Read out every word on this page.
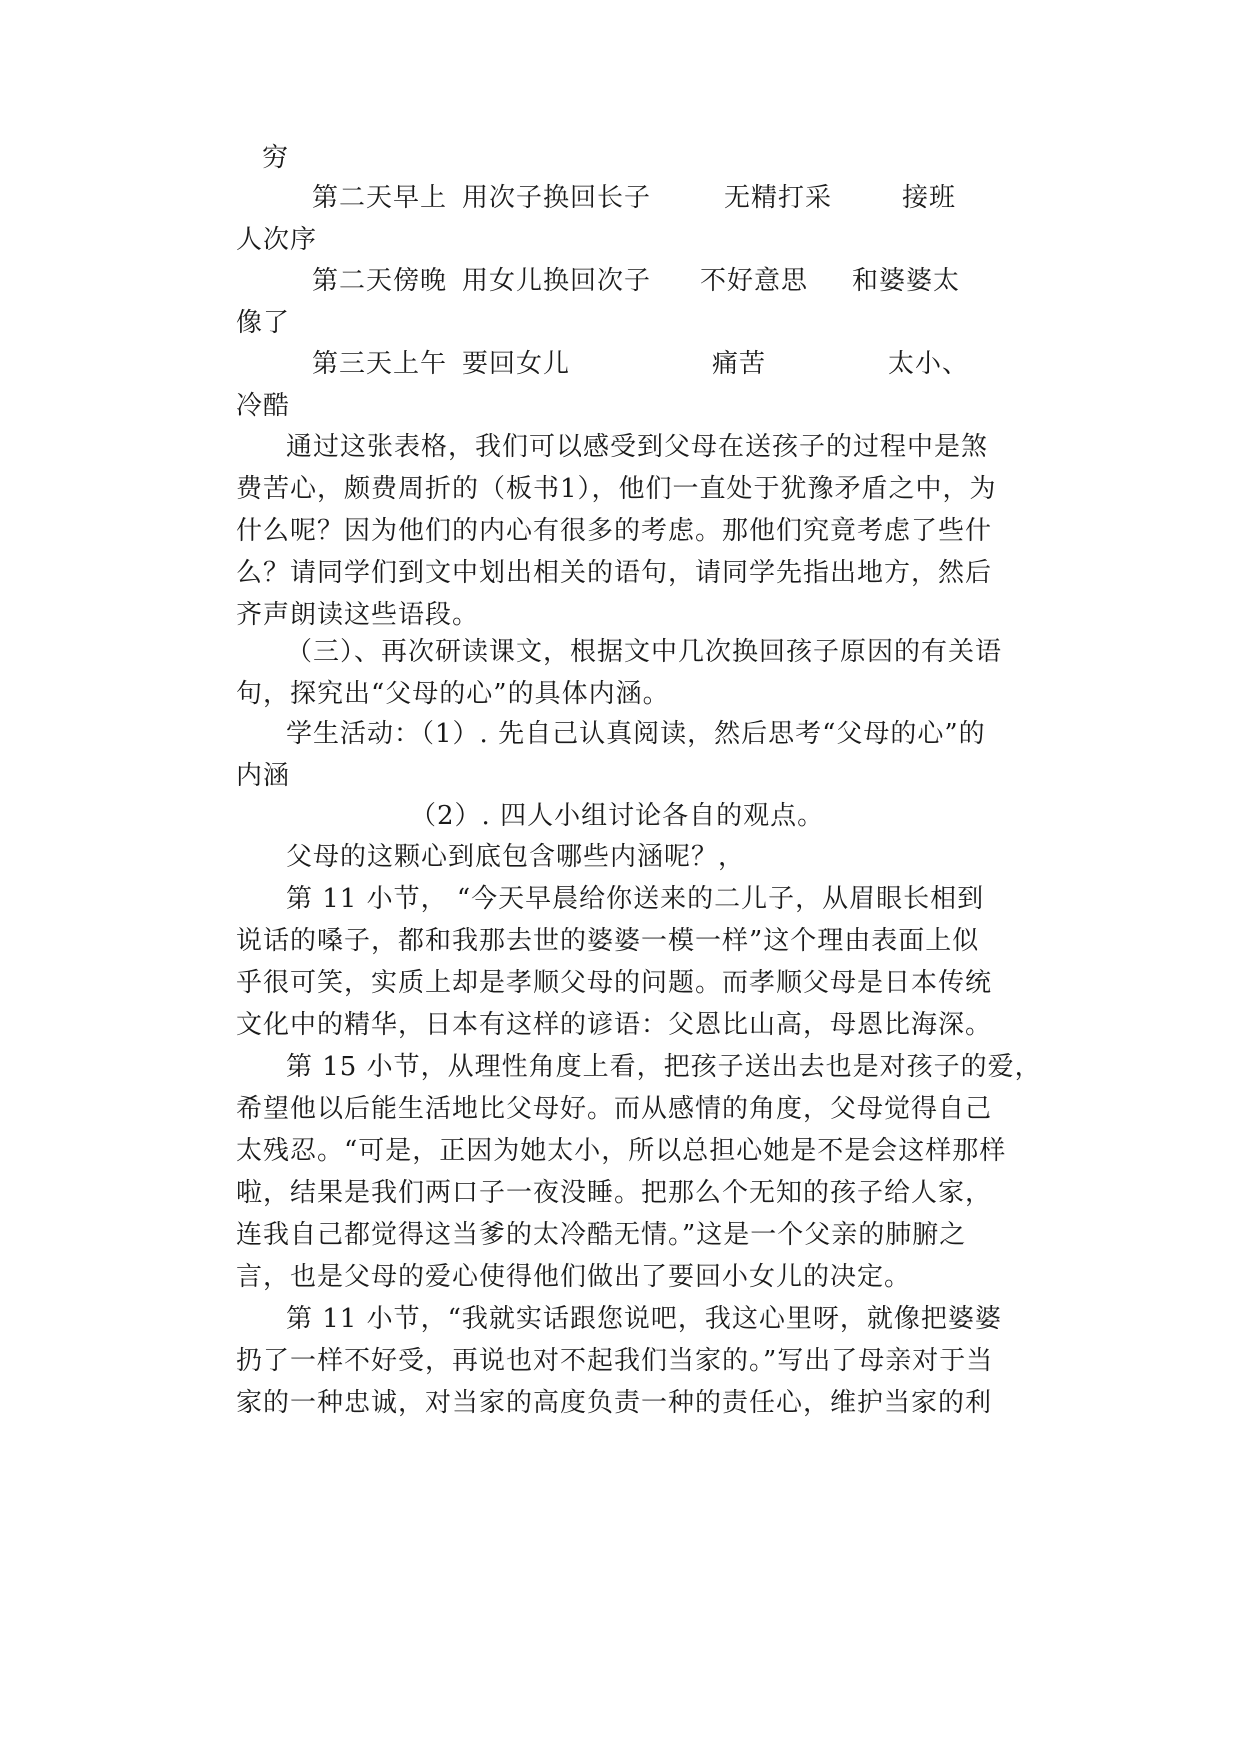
穷
第二天早上 用次子换回长子	无精打采	接班
人次序
第二天傍晚 用女儿换回次子 不好意思 和婆婆太
像了
第三天上午 要回女儿	痛苦	太小、
冷酷
通过这张表格，我们可以感受到父母在送孩子的过程中是煞
费苦心，颇费周折的（板书1），他们一直处于犹豫矛盾之中，为
什么呢？因为他们的内心有很多的考虑。那他们究竟考虑了些什
么？请同学们到文中划出相关的语句，请同学先指出地方，然后
齐声朗读这些语段。
（三）、再次研读课文，根据文中几次换回孩子原因的有关语
句，探究出“父母的心”的具体内涵。
学生活动：（1）. 先自己认真阅读，然后思考“父母的心”的
内涵
（2）. 四人小组讨论各自的观点。
父母的这颗心到底包含哪些内涵呢？，
第 11 小节， “今天早晨给你送来的二儿子，从眉眼长相到
说话的嗓子，都和我那去世的婆婆一模一样”这个理由表面上似
乎很可笑，实质上却是孝顺父母的问题。而孝顺父母是日本传统
文化中的精华，日本有这样的谚语：父恩比山高，母恩比海深。
第 15 小节，从理性角度上看，把孩子送出去也是对孩子的爱，
希望他以后能生活地比父母好。而从感情的角度，父母觉得自己
太残忍。“可是，正因为她太小，所以总担心她是不是会这样那样
啦，结果是我们两口子一夜没睡。把那么个无知的孩子给人家，
连我自己都觉得这当爹的太冷酷无情。”这是一个父亲的肺腑之
言，也是父母的爱心使得他们做出了要回小女儿的决定。
第 11 小节，“我就实话跟您说吧，我这心里呀，就像把婆婆
扔了一样不好受，再说也对不起我们当家的。”写出了母亲对于当
家的一种忠诚，对当家的高度负责一种的责任心，维护当家的利
